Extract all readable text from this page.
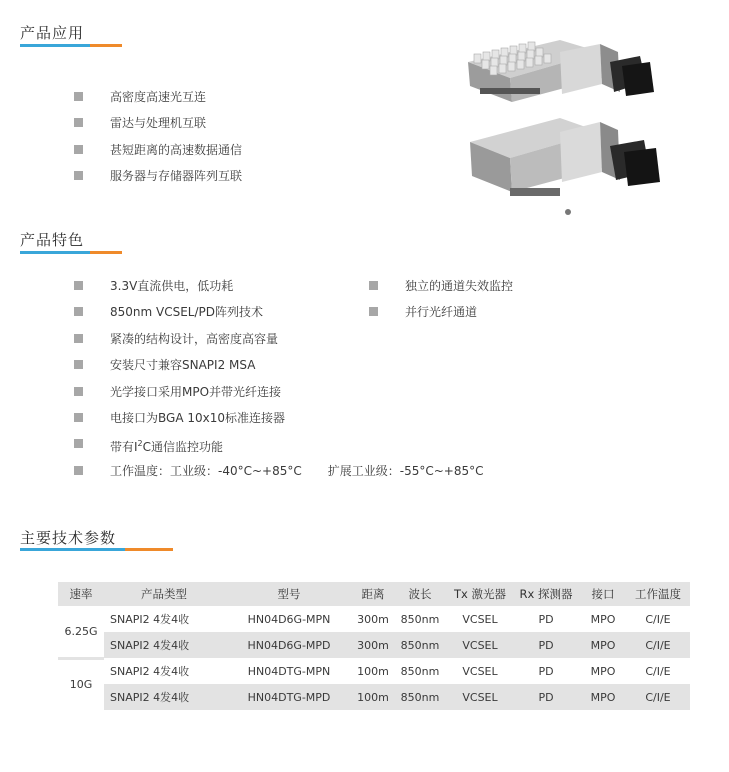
产品应用
高密度高速光互连
雷达与处理机互联
甚短距离的高速数据通信
服务器与存储器阵列互联
产品特色
3.3V直流供电，低功耗
850nm VCSEL/PD阵列技术
紧凑的结构设计，高密度高容量
安装尺寸兼容SNAPI2 MSA
光学接口采用MPO并带光纤连接
电接口为BGA 10x10标准连接器
带有$I^2C$通信监控功能
工作温度：工业级：-40°C~+85°C 扩展工业级：-55°C~+85°C
独立的通道失效监控
并行光纤通道
主要技术参数
速率	产品类型	型号	距离	波长	Tx 激光器	Rx 探测器	接口	工作温度
6.25G	SNAPI2 4发4收	HN04D6G-MPN	300m	850nm	VCSEL	PD	MPO	C/I/E
	SNAPI2 4发4收	HN04D6G-MPD	300m	850nm	VCSEL	PD	MPO	C/I/E
10G	SNAPI2 4发4收	HN04DTG-MPN	100m	850nm	VCSEL	PD	MPO	C/I/E
	SNAPI2 4发4收	HN04DTG-MPD	100m	850nm	VCSEL	PD	MPO	C/I/E
